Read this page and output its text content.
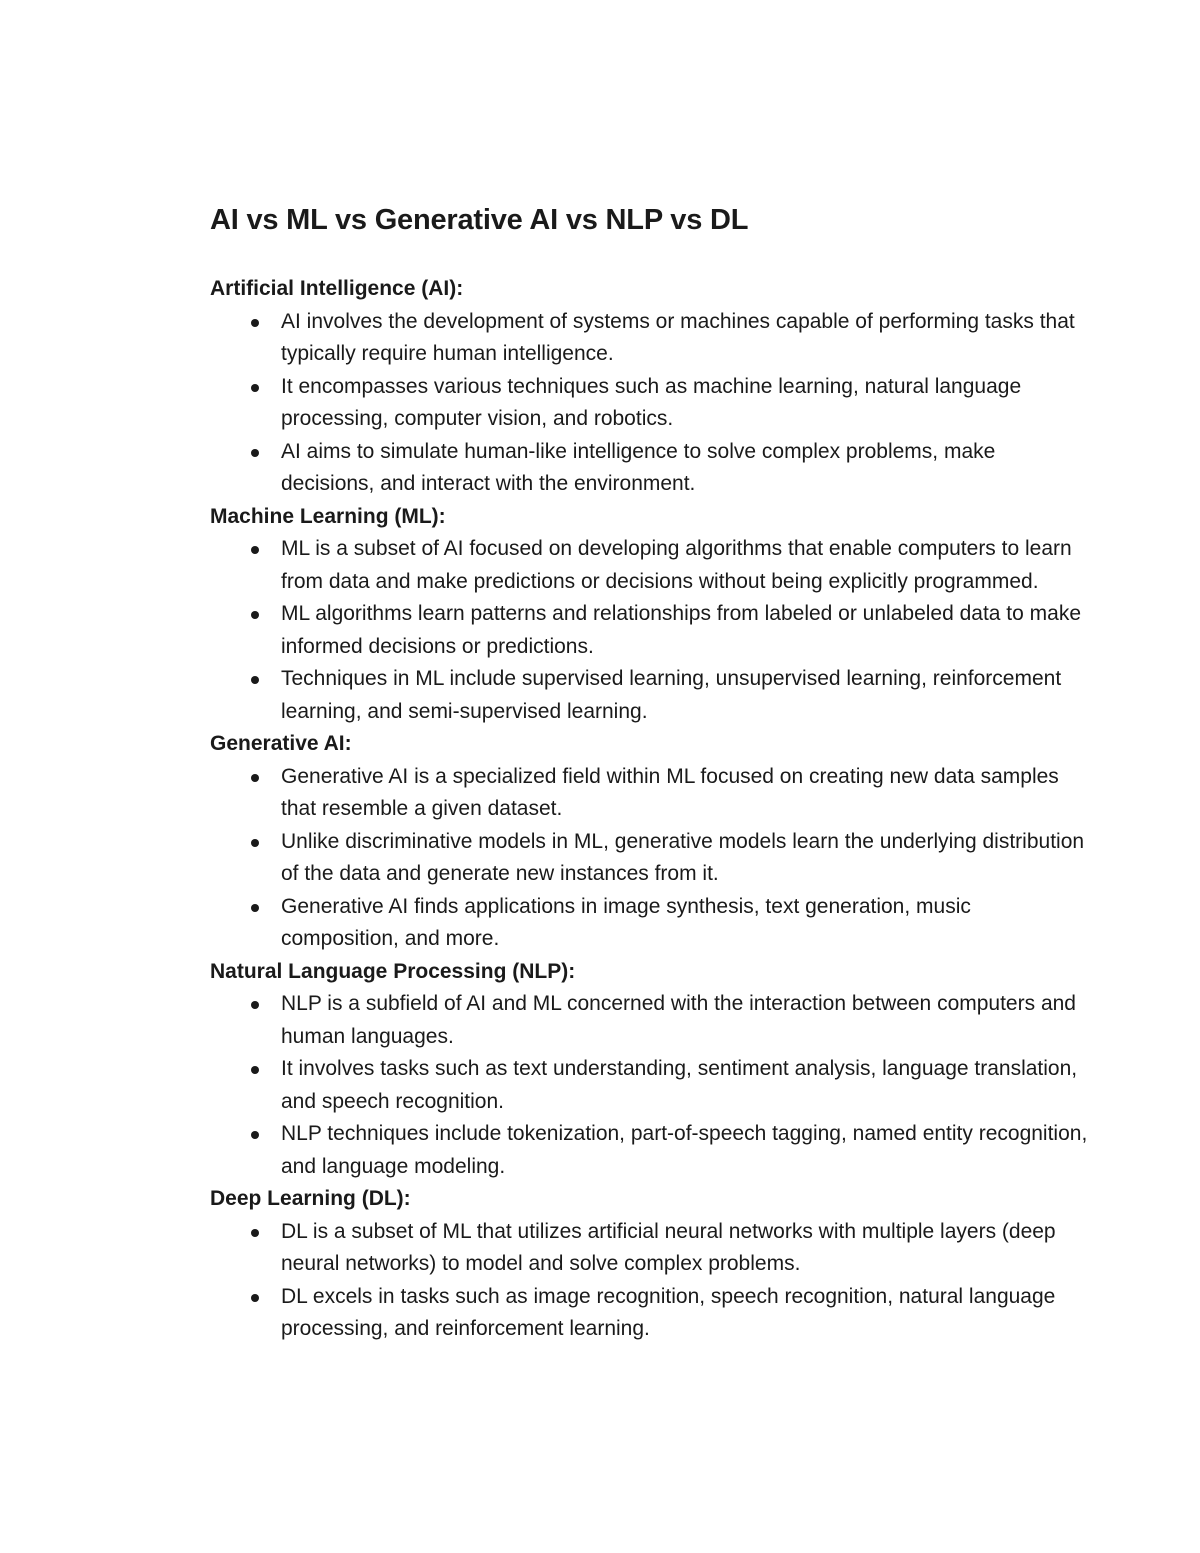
AI vs ML vs Generative AI vs NLP vs DL
Artificial Intelligence (AI):
AI involves the development of systems or machines capable of performing tasks that typically require human intelligence.
It encompasses various techniques such as machine learning, natural language processing, computer vision, and robotics.
AI aims to simulate human-like intelligence to solve complex problems, make decisions, and interact with the environment.
Machine Learning (ML):
ML is a subset of AI focused on developing algorithms that enable computers to learn from data and make predictions or decisions without being explicitly programmed.
ML algorithms learn patterns and relationships from labeled or unlabeled data to make informed decisions or predictions.
Techniques in ML include supervised learning, unsupervised learning, reinforcement learning, and semi-supervised learning.
Generative AI:
Generative AI is a specialized field within ML focused on creating new data samples that resemble a given dataset.
Unlike discriminative models in ML, generative models learn the underlying distribution of the data and generate new instances from it.
Generative AI finds applications in image synthesis, text generation, music composition, and more.
Natural Language Processing (NLP):
NLP is a subfield of AI and ML concerned with the interaction between computers and human languages.
It involves tasks such as text understanding, sentiment analysis, language translation, and speech recognition.
NLP techniques include tokenization, part-of-speech tagging, named entity recognition, and language modeling.
Deep Learning (DL):
DL is a subset of ML that utilizes artificial neural networks with multiple layers (deep neural networks) to model and solve complex problems.
DL excels in tasks such as image recognition, speech recognition, natural language processing, and reinforcement learning.
